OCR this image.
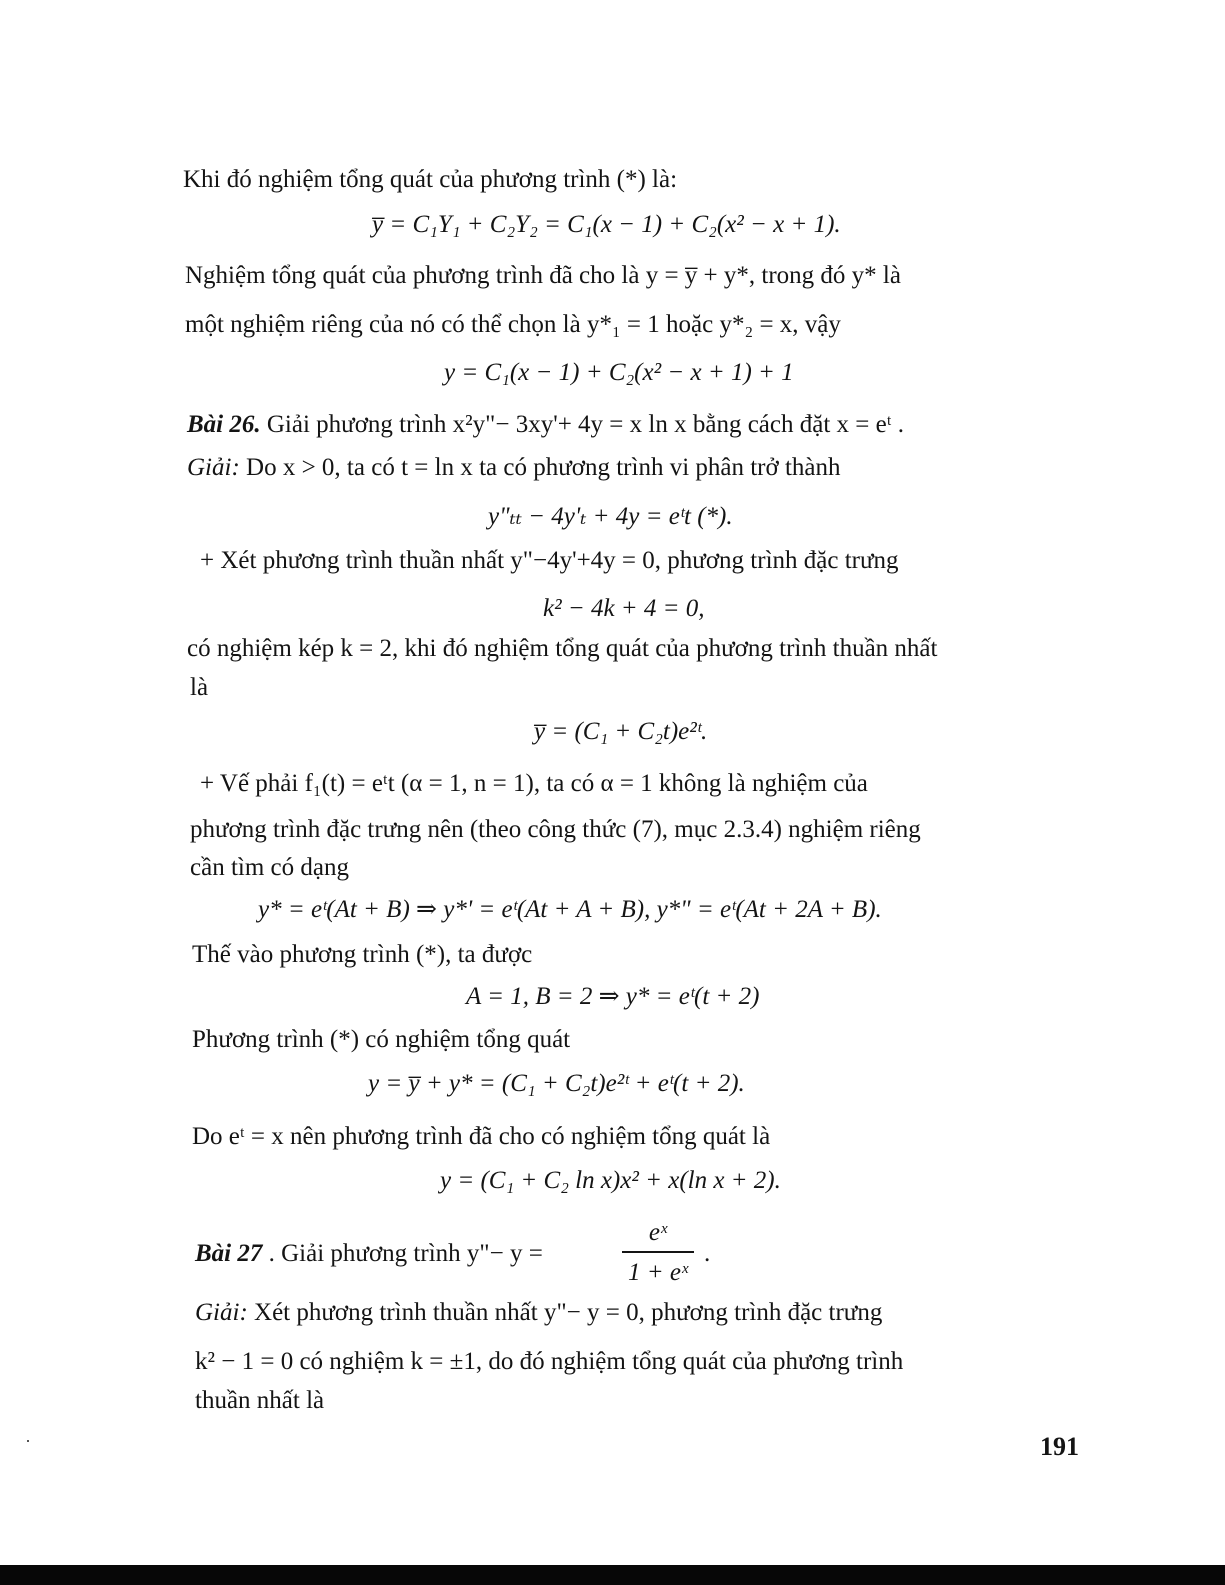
Khi đó nghiệm tổng quát của phương trình (*) là:
y̅ = C₁Y₁ + C₂Y₂ = C₁(x − 1) + C₂(x² − x + 1).
Nghiệm tổng quát của phương trình đã cho là y = y̅ + y*, trong đó y* là
một nghiệm riêng của nó có thể chọn là y*₁ = 1 hoặc y*₂ = x, vậy
y = C₁(x − 1) + C₂(x² − x + 1) + 1
Bài 26. Giải phương trình x²y"− 3xy'+ 4y = x ln x bằng cách đặt x = eᵗ .
Giải: Do x > 0, ta có t = ln x ta có phương trình vi phân trở thành
y"ₜₜ − 4y'ₜ + 4y = eᵗt (*).
+ Xét phương trình thuần nhất y"−4y'+4y = 0, phương trình đặc trưng
k² − 4k + 4 = 0,
có nghiệm kép k = 2, khi đó nghiệm tổng quát của phương trình thuần nhất
là
y̅ = (C₁ + C₂t)e²ᵗ.
+ Vế phải f₁(t) = eᵗt (α = 1, n = 1), ta có α = 1 không là nghiệm của
phương trình đặc trưng nên (theo công thức (7), mục 2.3.4) nghiệm riêng
cần tìm có dạng
y* = eᵗ(At + B) ⇒ y*' = eᵗ(At + A + B), y*" = eᵗ(At + 2A + B).
Thế vào phương trình (*), ta được
A = 1, B = 2 ⇒ y* = eᵗ(t + 2)
Phương trình (*) có nghiệm tổng quát
y = y̅ + y* = (C₁ + C₂t)e²ᵗ + eᵗ(t + 2).
Do eᵗ = x nên phương trình đã cho có nghiệm tổng quát là
y = (C₁ + C₂ ln x)x² + x(ln x + 2).
Bài 27 . Giải phương trình y"− y =
eˣ
1 + eˣ
.
Giải: Xét phương trình thuần nhất y"− y = 0, phương trình đặc trưng
k² − 1 = 0 có nghiệm k = ±1, do đó nghiệm tổng quát của phương trình
thuần nhất là
191
